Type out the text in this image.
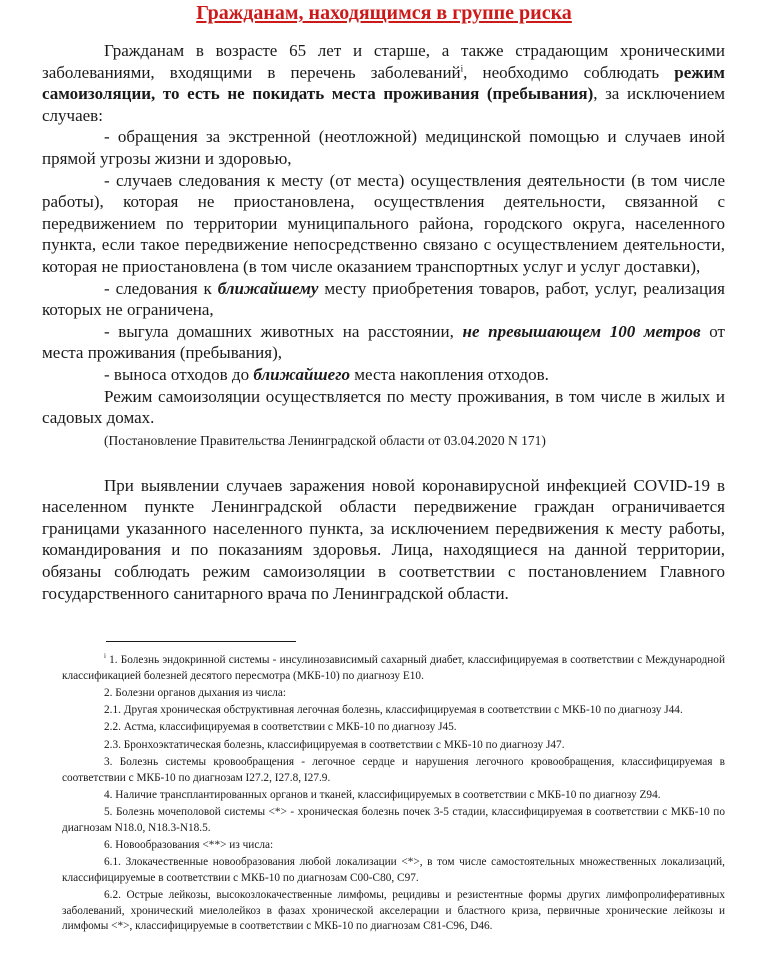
Гражданам, находящимся в группе риска

Гражданам в возрасте 65 лет и старше, а также страдающим хроническими заболеваниями, входящими в перечень заболеваний$^i$, необходимо соблюдать режим самоизоляции, то есть не покидать места проживания (пребывания), за исключением случаев:

- обращения за экстренной (неотложной) медицинской помощью и случаев иной прямой угрозы жизни и здоровью,

- случаев следования к месту (от места) осуществления деятельности (в том числе работы), которая не приостановлена, осуществления деятельности, связанной с передвижением по территории муниципального района, городского округа, населенного пункта, если такое передвижение непосредственно связано с осуществлением деятельности, которая не приостановлена (в том числе оказанием транспортных услуг и услуг доставки),

- следования к ближайшему месту приобретения товаров, работ, услуг, реализация которых не ограничена,

- выгула домашних животных на расстоянии, не превышающем 100 метров от места проживания (пребывания),

- выноса отходов до ближайшего места накопления отходов.

Режим самоизоляции осуществляется по месту проживания, в том числе в жилых и садовых домах.

(Постановление Правительства Ленинградской области от 03.04.2020 N 171)

При выявлении случаев заражения новой коронавирусной инфекцией COVID-19 в населенном пункте Ленинградской области передвижение граждан ограничивается границами указанного населенного пункта, за исключением передвижения к месту работы, командирования и по показаниям здоровья. Лица, находящиеся на данной территории, обязаны соблюдать режим самоизоляции в соответствии с постановлением Главного государственного санитарного врача по Ленинградской области.

$^i$ 1. Болезнь эндокринной системы - инсулинозависимый сахарный диабет, классифицируемая в соответствии с Международной классификацией болезней десятого пересмотра (МКБ-10) по диагнозу E10.

2. Болезни органов дыхания из числа:

2.1. Другая хроническая обструктивная легочная болезнь, классифицируемая в соответствии с МКБ-10 по диагнозу J44.

2.2. Астма, классифицируемая в соответствии с МКБ-10 по диагнозу J45.

2.3. Бронхоэктатическая болезнь, классифицируемая в соответствии с МКБ-10 по диагнозу J47.

3. Болезнь системы кровообращения - легочное сердце и нарушения легочного кровообращения, классифицируемая в соответствии с МКБ-10 по диагнозам I27.2, I27.8, I27.9.

4. Наличие трансплантированных органов и тканей, классифицируемых в соответствии с МКБ-10 по диагнозу Z94.

5. Болезнь мочеполовой системы <*> - хроническая болезнь почек 3-5 стадии, классифицируемая в соответствии с МКБ-10 по диагнозам N18.0, N18.3-N18.5.

6. Новообразования <**> из числа:

6.1. Злокачественные новообразования любой локализации <*>, в том числе самостоятельных множественных локализаций, классифицируемые в соответствии с МКБ-10 по диагнозам C00-C80, C97.

6.2. Острые лейкозы, высокозлокачественные лимфомы, рецидивы и резистентные формы других лимфопролиферативных заболеваний, хронический миелолейкоз в фазах хронической акселерации и бластного криза, первичные хронические лейкозы и лимфомы <*>, классифицируемые в соответствии с МКБ-10 по диагнозам C81-C96, D46.
